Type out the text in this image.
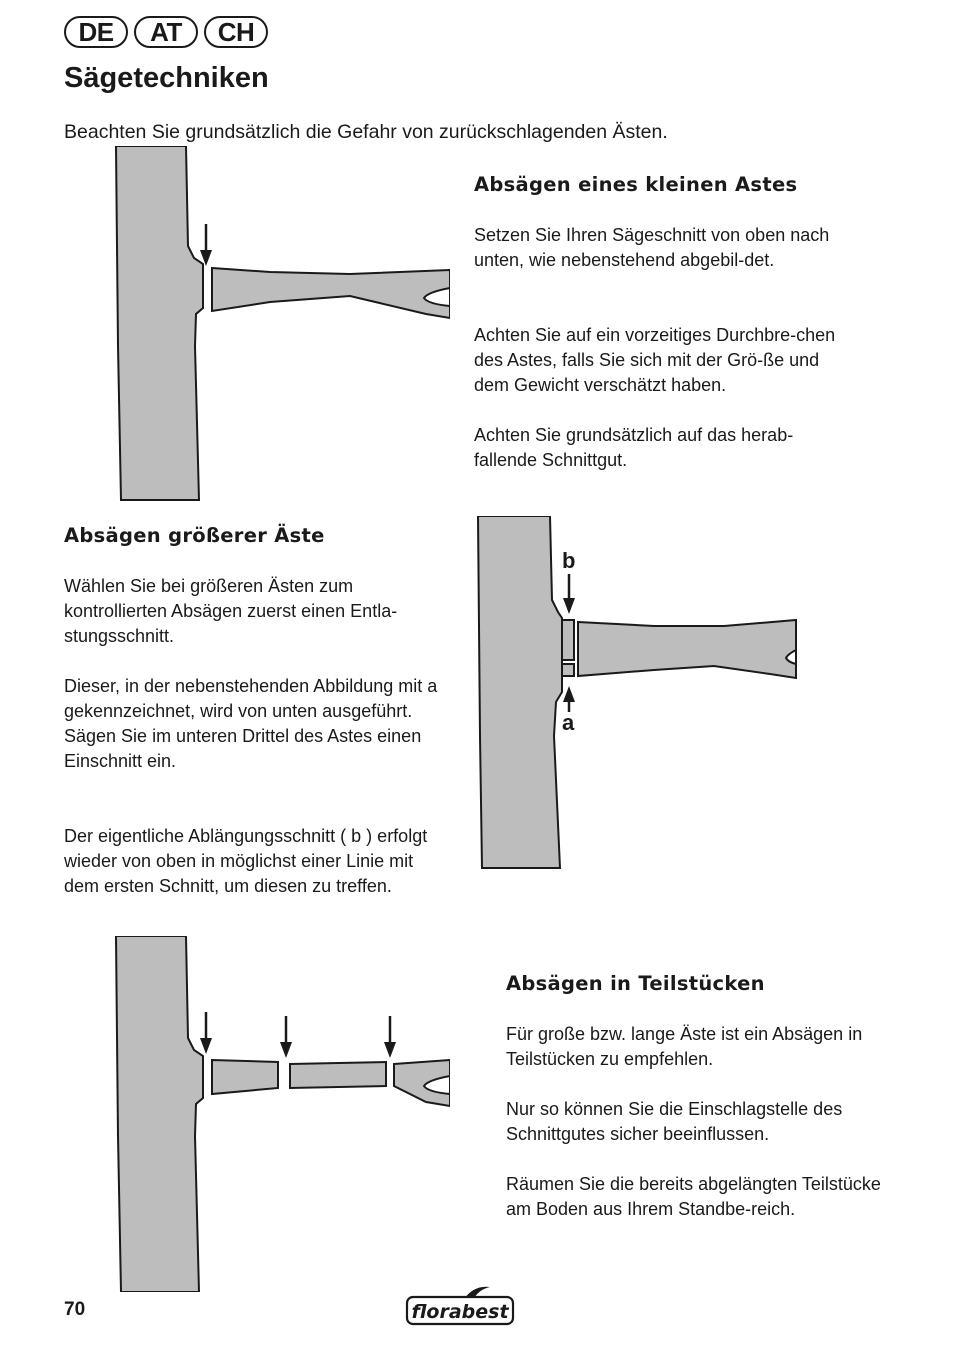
DE	AT	CH
Sägetechniken

Beachten Sie grundsätzlich die Gefahr von zurückschlagenden Ästen.

Absägen eines kleinen Astes

Setzen Sie Ihren Sägeschnitt von oben nach unten, wie nebenstehend abgebil-det.

Achten Sie auf ein vorzeitiges Durchbre-chen des Astes, falls Sie sich mit der Grö-ße und dem Gewicht verschätzt haben.

Achten Sie grundsätzlich auf das herab-fallende Schnittgut.

Absägen größerer Äste

Wählen Sie bei größeren Ästen zum kontrollierten Absägen zuerst einen Entla-stungsschnitt.

Dieser, in der nebenstehenden Abbildung mit a gekennzeichnet, wird von unten ausgeführt.
Sägen Sie im unteren Drittel des Astes einen Einschnitt ein.

Der eigentliche Ablängungsschnitt ( b ) erfolgt wieder von oben in möglichst einer Linie mit dem ersten Schnitt, um diesen zu treffen.

b
a
Absägen in Teilstücken

Für große bzw. lange Äste ist ein Absägen in Teilstücken zu empfehlen.

Nur so können Sie die Einschlagstelle des Schnittgutes sicher beeinflussen.

Räumen Sie die bereits abgelängten Teilstücke am Boden aus Ihrem Standbe-reich.

70	florabest
